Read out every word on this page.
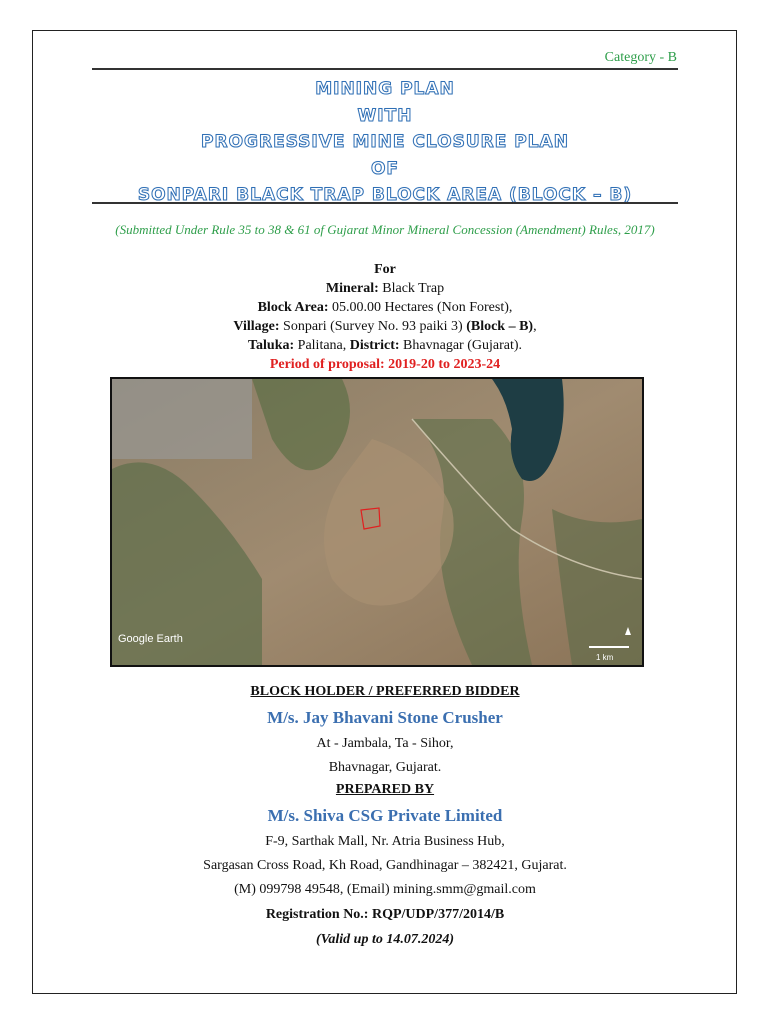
Category - B
MINING PLAN
WITH
PROGRESSIVE MINE CLOSURE PLAN
OF
SONPARI BLACK TRAP BLOCK AREA (BLOCK – B)
(Submitted Under Rule 35 to 38 & 61 of Gujarat Minor Mineral Concession (Amendment) Rules, 2017)
For
Mineral: Black Trap
Block Area: 05.00.00 Hectares (Non Forest),
Village: Sonpari (Survey No. 93 paiki 3) (Block – B),
Taluka: Palitana, District: Bhavnagar (Gujarat).
Period of proposal: 2019-20 to 2023-24
Google Earth
1 km
BLOCK HOLDER / PREFERRED BIDDER
M/s. Jay Bhavani Stone Crusher
At - Jambala, Ta - Sihor,
Bhavnagar, Gujarat.
PREPARED BY
M/s. Shiva CSG Private Limited
F-9, Sarthak Mall, Nr. Atria Business Hub,
Sargasan Cross Road, Kh Road, Gandhinagar – 382421, Gujarat.
(M) 099798 49548, (Email) mining.smm@gmail.com
Registration No.: RQP/UDP/377/2014/B
(Valid up to 14.07.2024)
